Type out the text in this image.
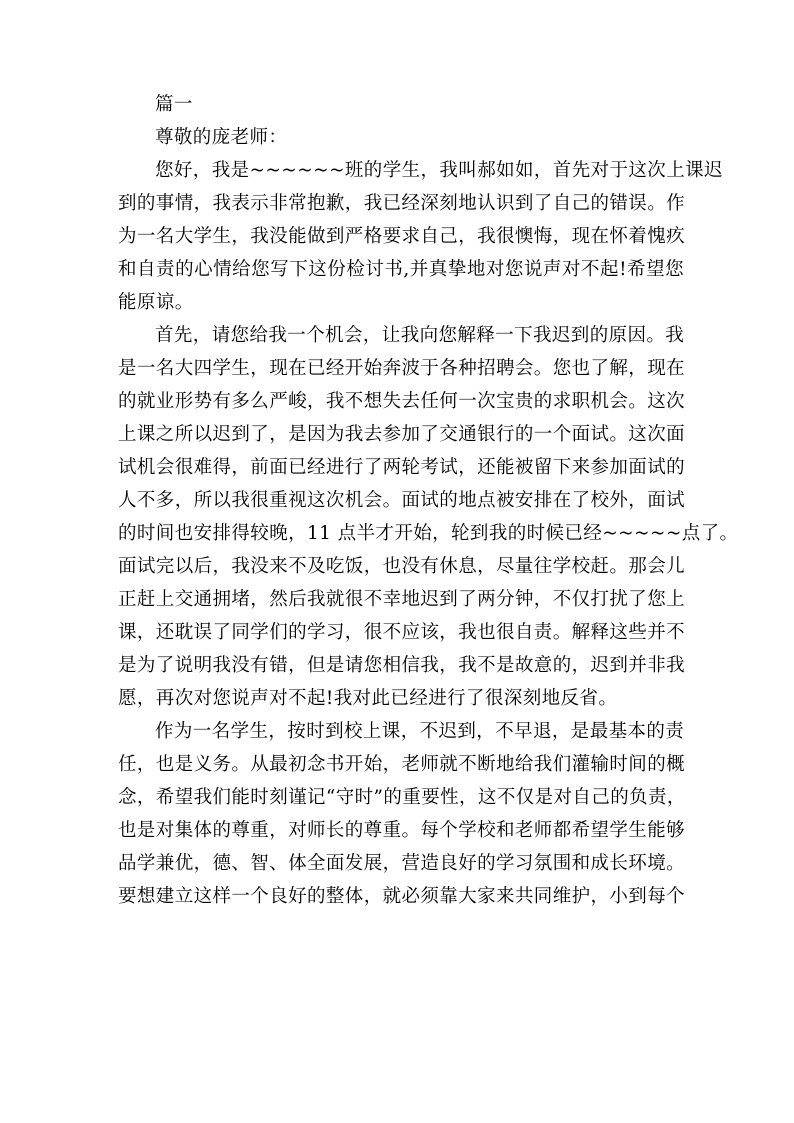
篇一
尊敬的庞老师：
您好，我是~~~~~~班的学生，我叫郝如如，首先对于这次上课迟
到的事情，我表示非常抱歉，我已经深刻地认识到了自己的错误。作
为一名大学生，我没能做到严格要求自己，我很懊悔，现在怀着愧疚
和自责的心情给您写下这份检讨书,并真挚地对您说声对不起!希望您
能原谅。
首先，请您给我一个机会，让我向您解释一下我迟到的原因。我
是一名大四学生，现在已经开始奔波于各种招聘会。您也了解，现在
的就业形势有多么严峻，我不想失去任何一次宝贵的求职机会。这次
上课之所以迟到了，是因为我去参加了交通银行的一个面试。这次面
试机会很难得，前面已经进行了两轮考试，还能被留下来参加面试的
人不多，所以我很重视这次机会。面试的地点被安排在了校外，面试
的时间也安排得较晚，11 点半才开始，轮到我的时候已经~~~~~点了。
面试完以后，我没来不及吃饭，也没有休息，尽量往学校赶。那会儿
正赶上交通拥堵，然后我就很不幸地迟到了两分钟，不仅打扰了您上
课，还耽误了同学们的学习，很不应该，我也很自责。解释这些并不
是为了说明我没有错，但是请您相信我，我不是故意的，迟到并非我
愿，再次对您说声对不起!我对此已经进行了很深刻地反省。
作为一名学生，按时到校上课，不迟到，不早退，是最基本的责
任，也是义务。从最初念书开始，老师就不断地给我们灌输时间的概
念，希望我们能时刻谨记“守时”的重要性，这不仅是对自己的负责，
也是对集体的尊重，对师长的尊重。每个学校和老师都希望学生能够
品学兼优，德、智、体全面发展，营造良好的学习氛围和成长环境。
要想建立这样一个良好的整体，就必须靠大家来共同维护，小到每个
